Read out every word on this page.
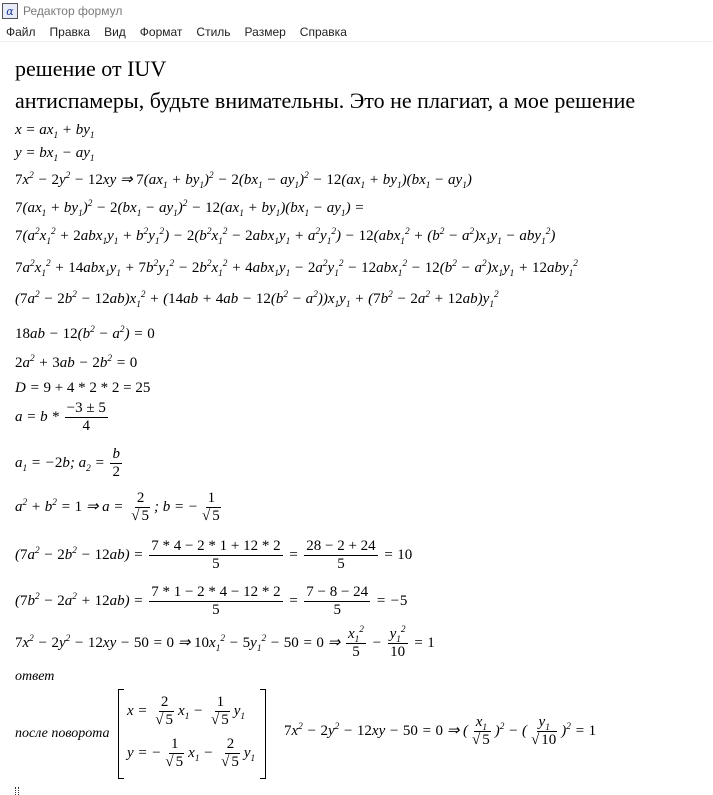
α Редактор формул
Файл	Правка	Вид	Формат	Стиль	Размер	Справка
решение от IUV
антиспамеры, будьте внимательны. Это не плагиат, а мое решение
$x = ax_1 + by_1$
$y = bx_1 - ay_1$
$7x^2 - 2y^2 - 12xy$ ⇒ $7(ax_1 + by_1)^2 - 2(bx_1 - ay_1)^2 - 12(ax_1 + by_1)(bx_1 - ay_1)$
$7(ax_1 + by_1)^2 - 2(bx_1 - ay_1)^2 - 12(ax_1 + by_1)(bx_1 - ay_1)$ =
$7(a^2x_1^2 + 2abx_1y_1 + b^2y_1^2) - 2(b^2x_1^2 - 2abx_1y_1 + a^2y_1^2) - 12(abx_1^2 + (b^2 - a^2)x_1y_1 - aby_1^2)$
$7a^2x_1^2 + 14abx_1y_1 + 7b^2y_1^2 - 2b^2x_1^2 + 4abx_1y_1 - 2a^2y_1^2 - 12abx_1^2 - 12(b^2 - a^2)x_1y_1 + 12aby_1^2$
$(7a^2 - 2b^2 - 12ab)x_1^2 + (14ab + 4ab - 12(b^2 - a^2))x_1y_1 + (7b^2 - 2a^2 + 12ab)y_1^2$
$18ab - 12(b^2 - a^2) = 0$
$2a^2 + 3ab - 2b^2 = 0$
D = 9 + 4 * 2 * 2 = 25
$a = b * \frac{-3 \pm 5}{4}$
$a_1 = -2b$; $a_2 = \frac{b}{2}$
$a^2 + b^2 = 1$ ⇒ $a = \frac{2}{√ 5}$ ; b = − $\frac{1}{√ 5}$
$(7a^2 - 2b^2 - 12ab) = \frac{7 * 4 - 2 * 1 + 12 * 2}{5} = \frac{28 - 2 + 24}{5} = 10$
$(7b^2 - 2a^2 + 12ab) = \frac{7 * 1 - 2 * 4 - 12 * 2}{5} = \frac{7 - 8 - 24}{5} = -5$
$7x^2 - 2y^2 - 12xy - 50 = 0$ ⇒ $10x_1^2 - 5y_1^2 - 50 = 0$ ⇒ $\frac{x_1^2}{5} - \frac{y_1^2}{10} = 1$
ответ
после поворота
$x = \frac{2}{√ 5} x_1 - \frac{1}{√ 5} y_1$
y = − $\frac{1}{√ 5} x_1 - \frac{2}{√ 5} y_1$
$7x^2 - 2y^2 - 12xy - 50 = 0$ ⇒ ( $\frac{x_1}{√ 5} )^2$ − ( $\frac{y_1}{√ 10} )^2 = 1$
